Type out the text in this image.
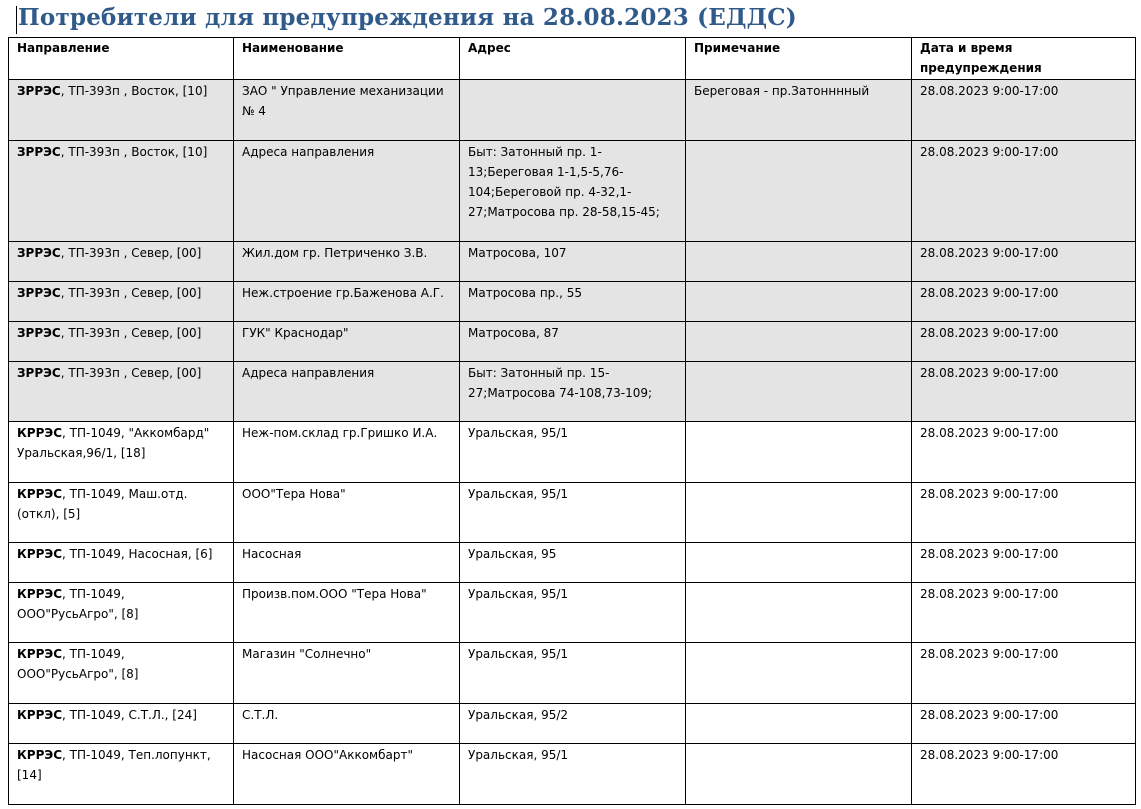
Потребители для предупреждения на 28.08.2023 (ЕДДС)
Направление	Наименование	Адрес	Примечание	Дата и время предупреждения
ЗРРЭС, ТП-393п , Восток, [10]	ЗАО " Управление механизации № 4		Береговая - пр.Затонннный	28.08.2023 9:00-17:00
ЗРРЭС, ТП-393п , Восток, [10]	Адреса направления	Быт: Затонный пр. 1-13;Береговая 1-1,5-5,76-104;Береговой пр. 4-32,1-27;Матросова пр. 28-58,15-45;		28.08.2023 9:00-17:00
ЗРРЭС, ТП-393п , Север, [00]	Жил.дом гр. Петриченко З.В.	Матросова, 107		28.08.2023 9:00-17:00
ЗРРЭС, ТП-393п , Север, [00]	Неж.строение гр.Баженова А.Г.	Матросова пр., 55		28.08.2023 9:00-17:00
ЗРРЭС, ТП-393п , Север, [00]	ГУК" Краснодар"	Матросова, 87		28.08.2023 9:00-17:00
ЗРРЭС, ТП-393п , Север, [00]	Адреса направления	Быт: Затонный пр. 15-27;Матросова 74-108,73-109;		28.08.2023 9:00-17:00
КРРЭС, ТП-1049, "Аккомбард" Уральская,96/1, [18]	Неж-пом.склад гр.Гришко И.А.	Уральская, 95/1		28.08.2023 9:00-17:00
КРРЭС, ТП-1049, Маш.отд.(откл), [5]	ООО"Тера Нова"	Уральская, 95/1		28.08.2023 9:00-17:00
КРРЭС, ТП-1049, Насосная, [6]	Насосная	Уральская, 95		28.08.2023 9:00-17:00
КРРЭС, ТП-1049, ООО"РусьАгро", [8]	Произв.пом.ООО "Тера Нова"	Уральская, 95/1		28.08.2023 9:00-17:00
КРРЭС, ТП-1049, ООО"РусьАгро", [8]	Магазин "Солнечно"	Уральская, 95/1		28.08.2023 9:00-17:00
КРРЭС, ТП-1049, С.Т.Л., [24]	С.Т.Л.	Уральская, 95/2		28.08.2023 9:00-17:00
КРРЭС, ТП-1049, Теп.лопункт, [14]	Насосная ООО"Аккомбарт"	Уральская, 95/1		28.08.2023 9:00-17:00
